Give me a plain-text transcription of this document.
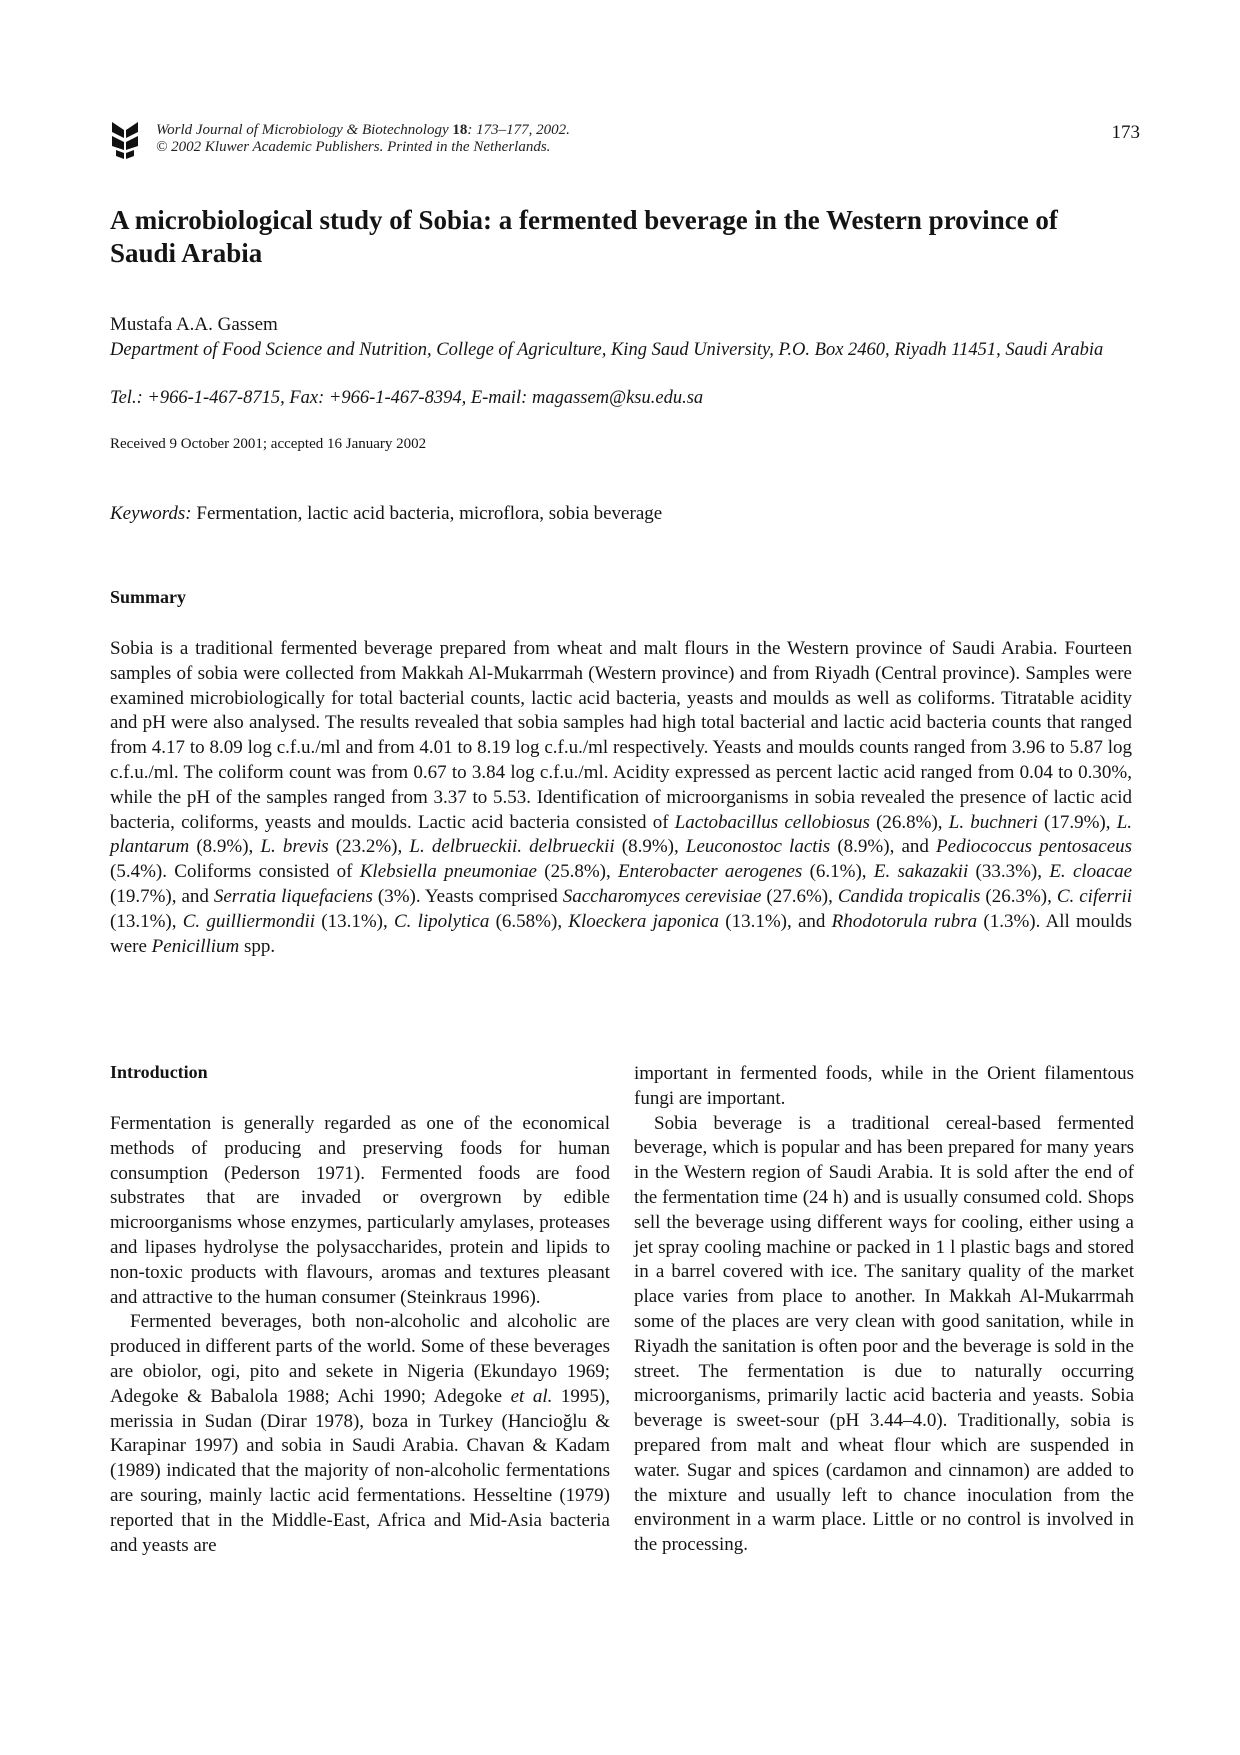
World Journal of Microbiology & Biotechnology 18: 173–177, 2002.
© 2002 Kluwer Academic Publishers. Printed in the Netherlands.
173
A microbiological study of Sobia: a fermented beverage in the Western province of Saudi Arabia
Mustafa A.A. Gassem
Department of Food Science and Nutrition, College of Agriculture, King Saud University, P.O. Box 2460, Riyadh 11451, Saudi Arabia
Tel.: +966-1-467-8715, Fax: +966-1-467-8394, E-mail: magassem@ksu.edu.sa
Received 9 October 2001; accepted 16 January 2002
Keywords: Fermentation, lactic acid bacteria, microflora, sobia beverage
Summary
Sobia is a traditional fermented beverage prepared from wheat and malt flours in the Western province of Saudi Arabia. Fourteen samples of sobia were collected from Makkah Al-Mukarrmah (Western province) and from Riyadh (Central province). Samples were examined microbiologically for total bacterial counts, lactic acid bacteria, yeasts and moulds as well as coliforms. Titratable acidity and pH were also analysed. The results revealed that sobia samples had high total bacterial and lactic acid bacteria counts that ranged from 4.17 to 8.09 log c.f.u./ml and from 4.01 to 8.19 log c.f.u./ml respectively. Yeasts and moulds counts ranged from 3.96 to 5.87 log c.f.u./ml. The coliform count was from 0.67 to 3.84 log c.f.u./ml. Acidity expressed as percent lactic acid ranged from 0.04 to 0.30%, while the pH of the samples ranged from 3.37 to 5.53. Identification of microorganisms in sobia revealed the presence of lactic acid bacteria, coliforms, yeasts and moulds. Lactic acid bacteria consisted of Lactobacillus cellobiosus (26.8%), L. buchneri (17.9%), L. plantarum (8.9%), L. brevis (23.2%), L. delbrueckii. delbrueckii (8.9%), Leuconostoc lactis (8.9%), and Pediococcus pentosaceus (5.4%). Coliforms consisted of Klebsiella pneumoniae (25.8%), Enterobacter aerogenes (6.1%), E. sakazakii (33.3%), E. cloacae (19.7%), and Serratia liquefaciens (3%). Yeasts comprised Saccharomyces cerevisiae (27.6%), Candida tropicalis (26.3%), C. ciferrii (13.1%), C. guilliermondii (13.1%), C. lipolytica (6.58%), Kloeckera japonica (13.1%), and Rhodotorula rubra (1.3%). All moulds were Penicillium spp.
Introduction

Fermentation is generally regarded as one of the economical methods of producing and preserving foods for human consumption (Pederson 1971). Fermented foods are food substrates that are invaded or overgrown by edible microorganisms whose enzymes, particularly amylases, proteases and lipases hydrolyse the polysaccharides, protein and lipids to non-toxic products with flavours, aromas and textures pleasant and attractive to the human consumer (Steinkraus 1996).

Fermented beverages, both non-alcoholic and alcoholic are produced in different parts of the world. Some of these beverages are obiolor, ogi, pito and sekete in Nigeria (Ekundayo 1969; Adegoke & Babalola 1988; Achi 1990; Adegoke et al. 1995), merissia in Sudan (Dirar 1978), boza in Turkey (Hancioğlu & Karapinar 1997) and sobia in Saudi Arabia. Chavan & Kadam (1989) indicated that the majority of non-alcoholic fermentations are souring, mainly lactic acid fermentations. Hesseltine (1979) reported that in the Middle-East, Africa and Mid-Asia bacteria and yeasts are

important in fermented foods, while in the Orient filamentous fungi are important.

Sobia beverage is a traditional cereal-based fermented beverage, which is popular and has been prepared for many years in the Western region of Saudi Arabia. It is sold after the end of the fermentation time (24 h) and is usually consumed cold. Shops sell the beverage using different ways for cooling, either using a jet spray cooling machine or packed in 1 l plastic bags and stored in a barrel covered with ice. The sanitary quality of the market place varies from place to another. In Makkah Al-Mukarrmah some of the places are very clean with good sanitation, while in Riyadh the sanitation is often poor and the beverage is sold in the street. The fermentation is due to naturally occurring microorganisms, primarily lactic acid bacteria and yeasts. Sobia beverage is sweet-sour (pH 3.44–4.0). Traditionally, sobia is prepared from malt and wheat flour which are suspended in water. Sugar and spices (cardamon and cinnamon) are added to the mixture and usually left to chance inoculation from the environment in a warm place. Little or no control is involved in the processing.
